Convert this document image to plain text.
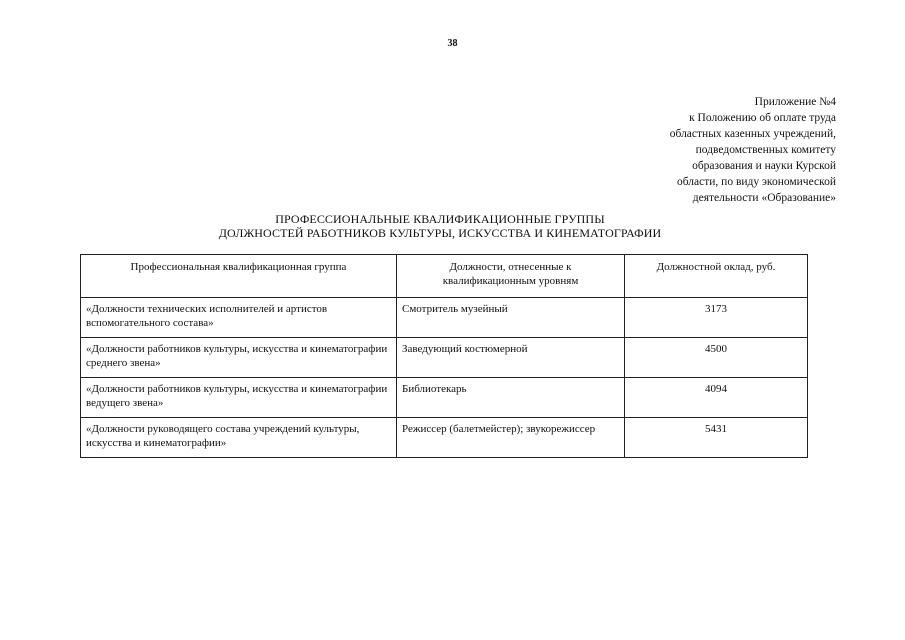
38
Приложение №4
к Положению об оплате труда
областных казенных учреждений,
подведомственных комитету
образования и науки Курской
области, по виду экономической
деятельности «Образование»
ПРОФЕССИОНАЛЬНЫЕ КВАЛИФИКАЦИОННЫЕ ГРУППЫ
ДОЛЖНОСТЕЙ РАБОТНИКОВ КУЛЬТУРЫ, ИСКУССТВА И КИНЕМАТОГРАФИИ
Профессиональная квалификационная группа	Должности, отнесенные к квалификационным уровням	Должностной оклад, руб.
«Должности технических исполнителей и артистов вспомогательного состава»	Смотритель музейный	3173
«Должности работников культуры, искусства и кинематографии среднего звена»	Заведующий костюмерной	4500
«Должности работников культуры, искусства и кинематографии ведущего звена»	Библиотекарь	4094
«Должности руководящего состава учреждений культуры, искусства и кинематографии»	Режиссер (балетмейстер); звукорежиссер	5431
